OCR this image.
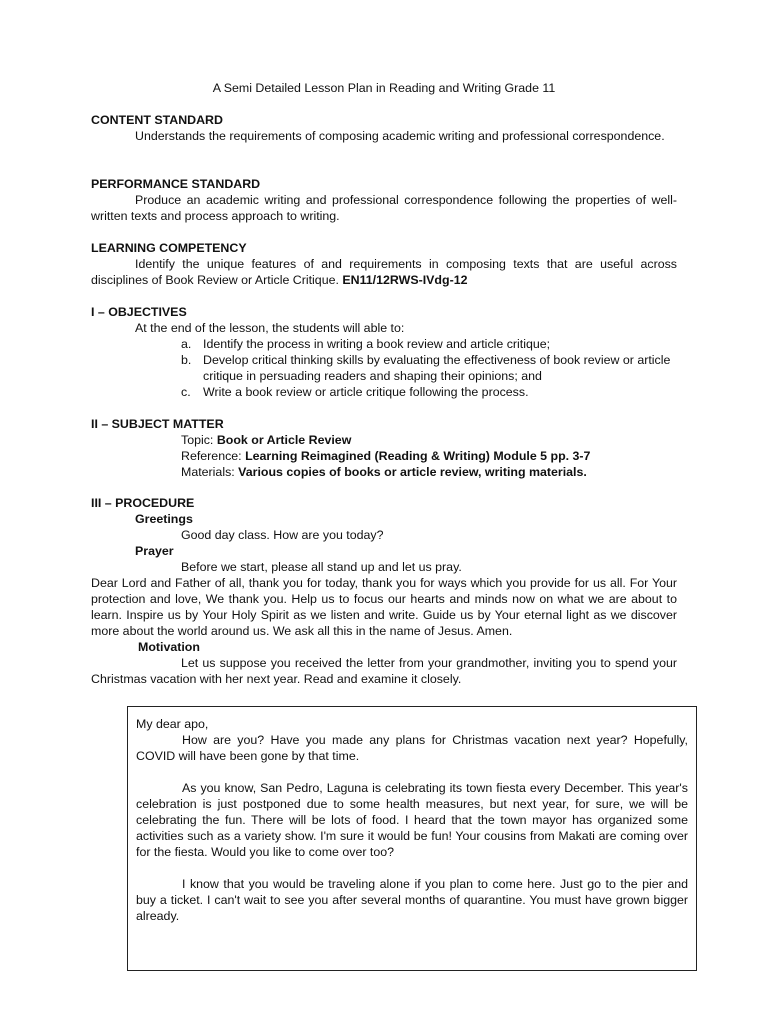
A Semi Detailed Lesson Plan in Reading and Writing Grade 11
CONTENT STANDARD
Understands the requirements of composing academic writing and professional correspondence.
PERFORMANCE STANDARD
Produce an academic writing and professional correspondence following the properties of well-written texts and process approach to writing.
LEARNING COMPETENCY
Identify the unique features of and requirements in composing texts that are useful across disciplines of Book Review or Article Critique. EN11/12RWS-IVdg-12
I – OBJECTIVES
At the end of the lesson, the students will able to:
a. Identify the process in writing a book review and article critique;
b. Develop critical thinking skills by evaluating the effectiveness of book review or article critique in persuading readers and shaping their opinions; and
c. Write a book review or article critique following the process.
II – SUBJECT MATTER
Topic: Book or Article Review
Reference: Learning Reimagined (Reading & Writing) Module 5 pp. 3-7
Materials: Various copies of books or article review, writing materials.
III – PROCEDURE
Greetings
Good day class. How are you today?
Prayer
Before we start, please all stand up and let us pray.
Dear Lord and Father of all, thank you for today, thank you for ways which you provide for us all. For Your protection and love, We thank you. Help us to focus our hearts and minds now on what we are about to learn. Inspire us by Your Holy Spirit as we listen and write. Guide us by Your eternal light as we discover more about the world around us. We ask all this in the name of Jesus. Amen.
Motivation
Let us suppose you received the letter from your grandmother, inviting you to spend your Christmas vacation with her next year. Read and examine it closely.
My dear apo,
How are you? Have you made any plans for Christmas vacation next year? Hopefully, COVID will have been gone by that time.
As you know, San Pedro, Laguna is celebrating its town fiesta every December. This year's celebration is just postponed due to some health measures, but next year, for sure, we will be celebrating the fun. There will be lots of food. I heard that the town mayor has organized some activities such as a variety show. I'm sure it would be fun! Your cousins from Makati are coming over for the fiesta. Would you like to come over too?
I know that you would be traveling alone if you plan to come here. Just go to the pier and buy a ticket. I can't wait to see you after several months of quarantine. You must have grown bigger already.
